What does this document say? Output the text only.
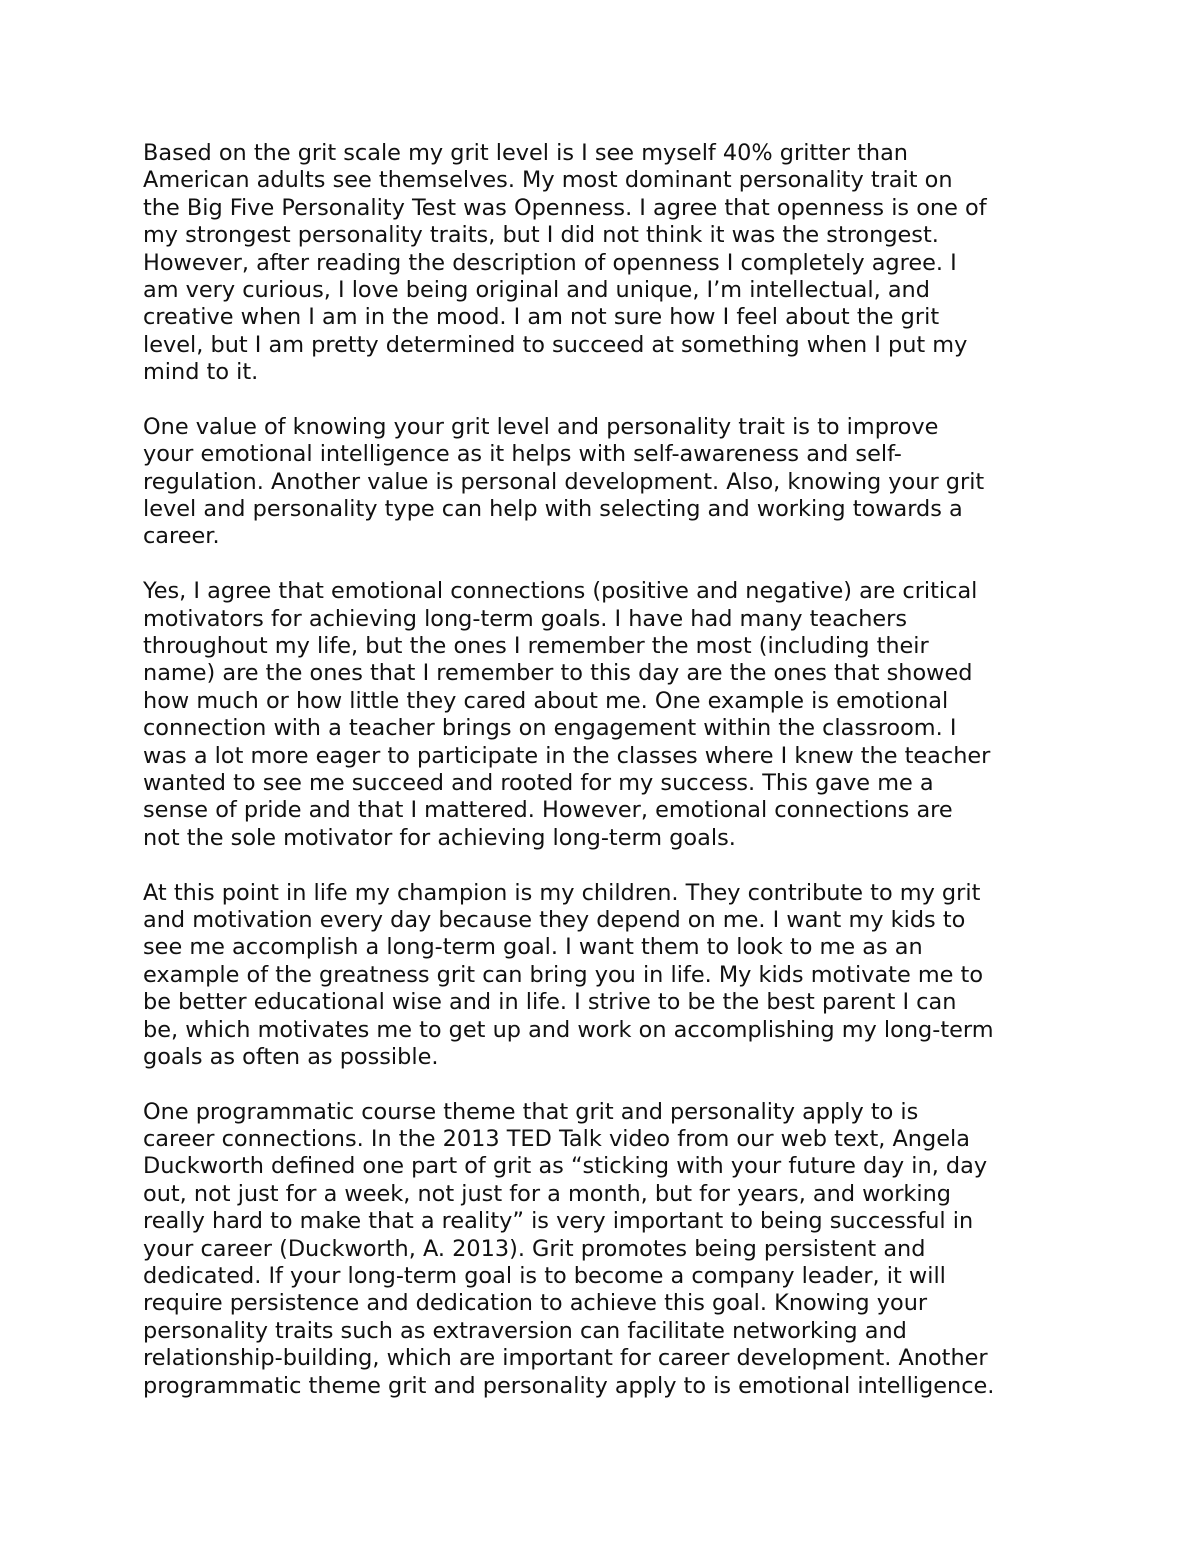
Based on the grit scale my grit level is I see myself 40% gritter than
American adults see themselves. My most dominant personality trait on
the Big Five Personality Test was Openness. I agree that openness is one of
my strongest personality traits, but I did not think it was the strongest.
However, after reading the description of openness I completely agree. I
am very curious, I love being original and unique, I’m intellectual, and
creative when I am in the mood. I am not sure how I feel about the grit
level, but I am pretty determined to succeed at something when I put my
mind to it.
One value of knowing your grit level and personality trait is to improve
your emotional intelligence as it helps with self-awareness and self-
regulation. Another value is personal development. Also, knowing your grit
level and personality type can help with selecting and working towards a
career.
Yes, I agree that emotional connections (positive and negative) are critical
motivators for achieving long-term goals. I have had many teachers
throughout my life, but the ones I remember the most (including their
name) are the ones that I remember to this day are the ones that showed
how much or how little they cared about me. One example is emotional
connection with a teacher brings on engagement within the classroom. I
was a lot more eager to participate in the classes where I knew the teacher
wanted to see me succeed and rooted for my success. This gave me a
sense of pride and that I mattered. However, emotional connections are
not the sole motivator for achieving long-term goals.
At this point in life my champion is my children. They contribute to my grit
and motivation every day because they depend on me. I want my kids to
see me accomplish a long-term goal. I want them to look to me as an
example of the greatness grit can bring you in life. My kids motivate me to
be better educational wise and in life. I strive to be the best parent I can
be, which motivates me to get up and work on accomplishing my long-term
goals as often as possible.
One programmatic course theme that grit and personality apply to is
career connections. In the 2013 TED Talk video from our web text, Angela
Duckworth defined one part of grit as “sticking with your future day in, day
out, not just for a week, not just for a month, but for years, and working
really hard to make that a reality” is very important to being successful in
your career (Duckworth, A. 2013). Grit promotes being persistent and
dedicated. If your long-term goal is to become a company leader, it will
require persistence and dedication to achieve this goal. Knowing your
personality traits such as extraversion can facilitate networking and
relationship-building, which are important for career development. Another
programmatic theme grit and personality apply to is emotional intelligence.
